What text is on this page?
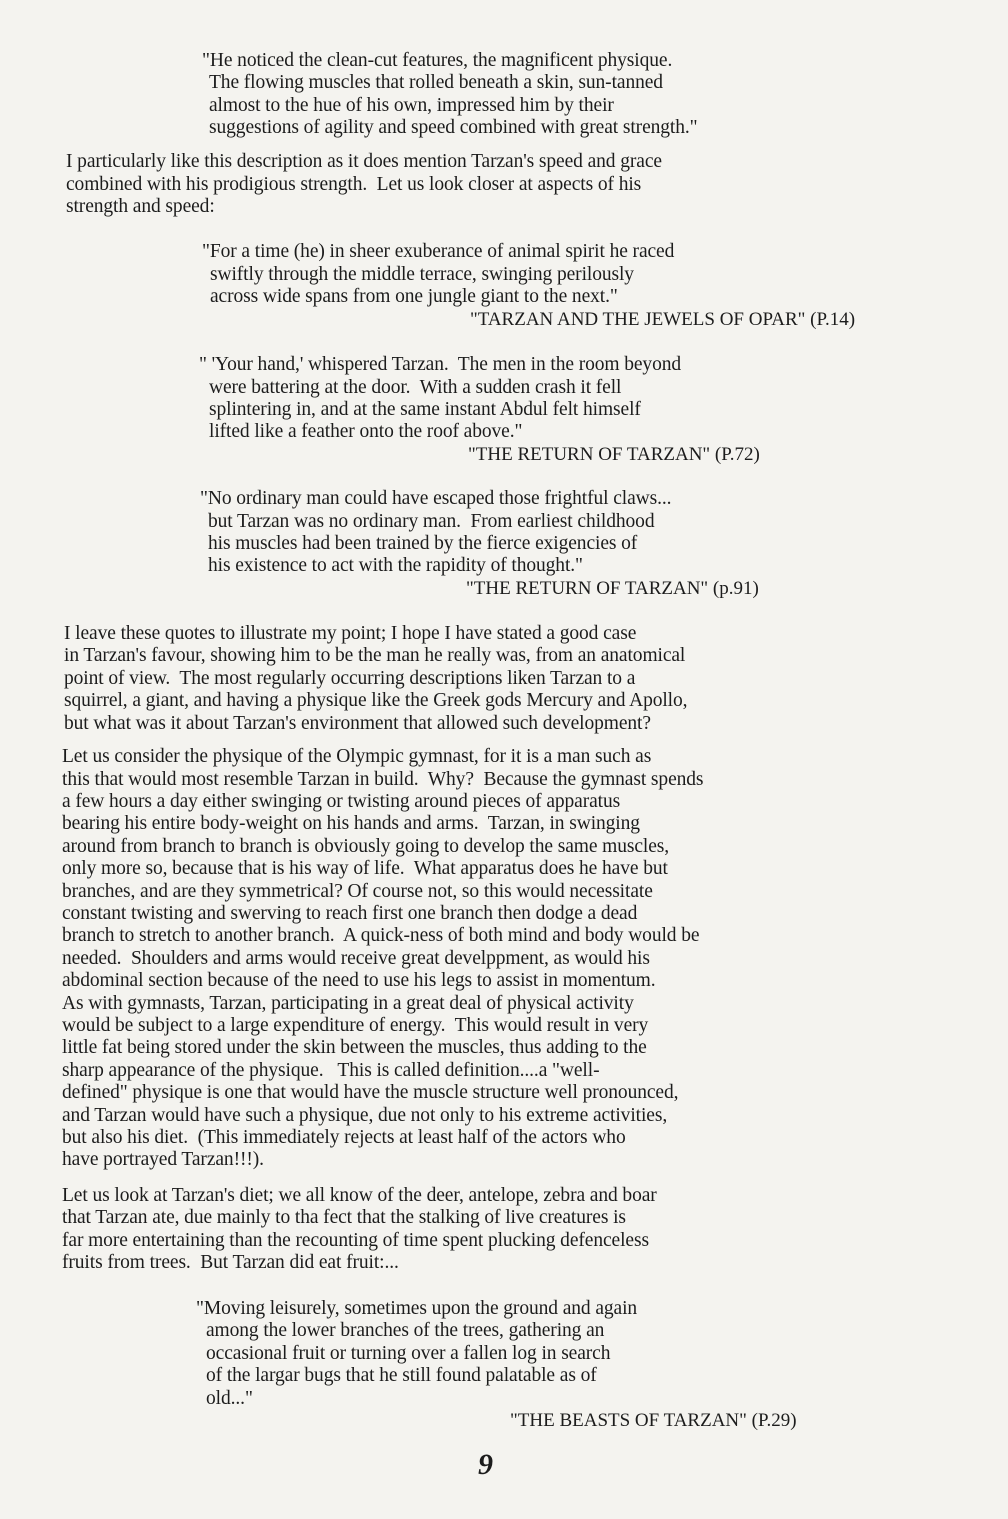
"He noticed the clean-cut features, the magnificent physique.
The flowing muscles that rolled beneath a skin, sun-tanned
almost to the hue of his own, impressed him by their
suggestions of agility and speed combined with great strength."
I particularly like this description as it does mention Tarzan's speed and grace
combined with his prodigious strength.  Let us look closer at aspects of his
strength and speed:
"For a time (he) in sheer exuberance of animal spirit he raced
swiftly through the middle terrace, swinging perilously
across wide spans from one jungle giant to the next."
"TARZAN AND THE JEWELS OF OPAR" (P.14)
" 'Your hand,' whispered Tarzan.  The men in the room beyond
were battering at the door.  With a sudden crash it fell
splintering in, and at the same instant Abdul felt himself
lifted like a feather onto the roof above."
"THE RETURN OF TARZAN" (P.72)
"No ordinary man could have escaped those frightful claws...
but Tarzan was no ordinary man.  From earliest childhood
his muscles had been trained by the fierce exigencies of
his existence to act with the rapidity of thought."
"THE RETURN OF TARZAN" (p.91)
I leave these quotes to illustrate my point; I hope I have stated a good case
in Tarzan's favour, showing him to be the man he really was, from an anatomical
point of view.  The most regularly occurring descriptions liken Tarzan to a
squirrel, a giant, and having a physique like the Greek gods Mercury and Apollo,
but what was it about Tarzan's environment that allowed such development?
Let us consider the physique of the Olympic gymnast, for it is a man such as
this that would most resemble Tarzan in build.  Why?  Because the gymnast spends
a few hours a day either swinging or twisting around pieces of apparatus
bearing his entire body-weight on his hands and arms.  Tarzan, in swinging
around from branch to branch is obviously going to develop the same muscles,
only more so, because that is his way of life.  What apparatus does he have but
branches, and are they symmetrical? Of course not, so this would necessitate
constant twisting and swerving to reach first one branch then dodge a dead
branch to stretch to another branch.  A quick-ness of both mind and body would be
needed.  Shoulders and arms would receive great develppment, as would his
abdominal section because of the need to use his legs to assist in momentum.
As with gymnasts, Tarzan, participating in a great deal of physical activity
would be subject to a large expenditure of energy.  This would result in very
little fat being stored under the skin between the muscles, thus adding to the
sharp appearance of the physique.   This is called definition....a "well-
defined" physique is one that would have the muscle structure well pronounced,
and Tarzan would have such a physique, due not only to his extreme activities,
but also his diet.  (This immediately rejects at least half of the actors who
have portrayed Tarzan!!!).
Let us look at Tarzan's diet; we all know of the deer, antelope, zebra and boar
that Tarzan ate, due mainly to tha fect that the stalking of live creatures is
far more entertaining than the recounting of time spent plucking defenceless
fruits from trees.  But Tarzan did eat fruit:...
"Moving leisurely, sometimes upon the ground and again
among the lower branches of the trees, gathering an
occasional fruit or turning over a fallen log in search
of the largar bugs that he still found palatable as of
old..."
"THE BEASTS OF TARZAN" (P.29)
9
